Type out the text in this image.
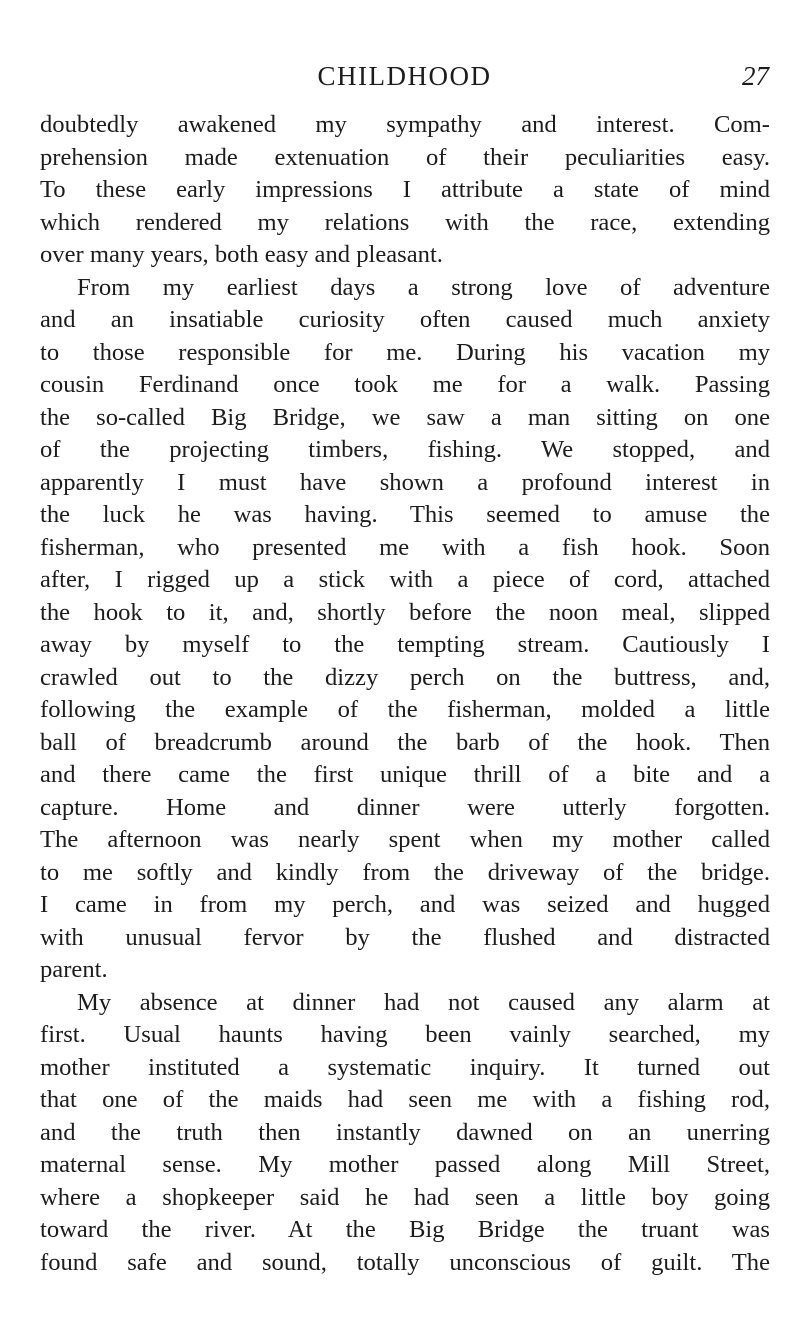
CHILDHOOD	27
doubtedly awakened my sympathy and interest. Com-
prehension made extenuation of their peculiarities easy.
To these early impressions I attribute a state of mind
which rendered my relations with the race, extending
over many years, both easy and pleasant.
From my earliest days a strong love of adventure
and an insatiable curiosity often caused much anxiety
to those responsible for me. During his vacation my
cousin Ferdinand once took me for a walk. Passing
the so-called Big Bridge, we saw a man sitting on one
of the projecting timbers, fishing. We stopped, and
apparently I must have shown a profound interest in
the luck he was having. This seemed to amuse the
fisherman, who presented me with a fish hook. Soon
after, I rigged up a stick with a piece of cord, attached
the hook to it, and, shortly before the noon meal, slipped
away by myself to the tempting stream. Cautiously I
crawled out to the dizzy perch on the buttress, and,
following the example of the fisherman, molded a little
ball of breadcrumb around the barb of the hook. Then
and there came the first unique thrill of a bite and a
capture. Home and dinner were utterly forgotten.
The afternoon was nearly spent when my mother called
to me softly and kindly from the driveway of the bridge.
I came in from my perch, and was seized and hugged
with unusual fervor by the flushed and distracted
parent.
My absence at dinner had not caused any alarm at
first. Usual haunts having been vainly searched, my
mother instituted a systematic inquiry. It turned out
that one of the maids had seen me with a fishing rod,
and the truth then instantly dawned on an unerring
maternal sense. My mother passed along Mill Street,
where a shopkeeper said he had seen a little boy going
toward the river. At the Big Bridge the truant was
found safe and sound, totally unconscious of guilt. The
